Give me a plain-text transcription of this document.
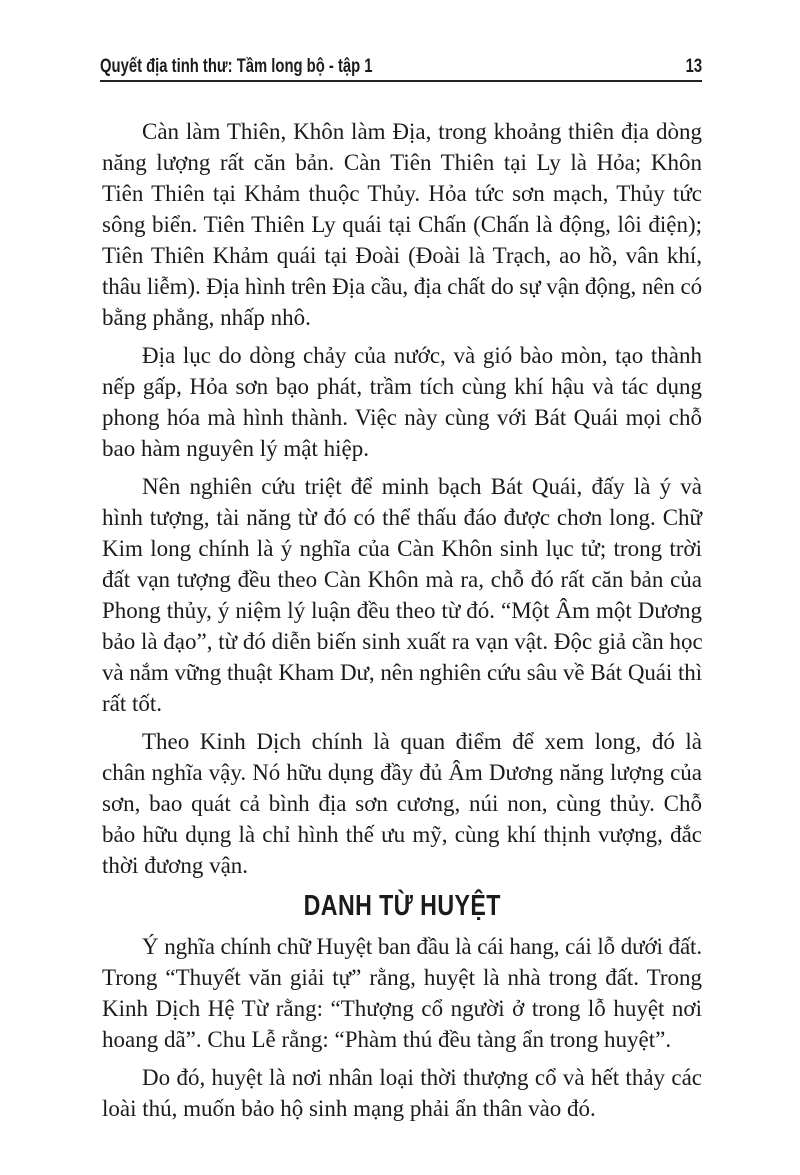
Quyết địa tinh thư: Tầm long bộ - tập 1	13
Càn làm Thiên, Khôn làm Địa, trong khoảng thiên địa dòng
năng lượng rất căn bản. Càn Tiên Thiên tại Ly là Hỏa; Khôn
Tiên Thiên tại Khảm thuộc Thủy. Hỏa tức sơn mạch, Thủy tức
sông biển. Tiên Thiên Ly quái tại Chấn (Chấn là động, lôi điện);
Tiên Thiên Khảm quái tại Đoài (Đoài là Trạch, ao hồ, vân khí,
thâu liễm). Địa hình trên Địa cầu, địa chất do sự vận động, nên có
bằng phẳng, nhấp nhô.
Địa lục do dòng chảy của nước, và gió bào mòn, tạo thành
nếp gấp, Hỏa sơn bạo phát, trầm tích cùng khí hậu và tác dụng
phong hóa mà hình thành. Việc này cùng với Bát Quái mọi chỗ
bao hàm nguyên lý mật hiệp.
Nên nghiên cứu triệt để minh bạch Bát Quái, đấy là ý và
hình tượng, tài năng từ đó có thể thấu đáo được chơn long. Chữ
Kim long chính là ý nghĩa của Càn Khôn sinh lục tử; trong trời
đất vạn tượng đều theo Càn Khôn mà ra, chỗ đó rất căn bản của
Phong thủy, ý niệm lý luận đều theo từ đó. “Một Âm một Dương
bảo là đạo”, từ đó diễn biến sinh xuất ra vạn vật. Độc giả cần học
và nắm vững thuật Kham Dư, nên nghiên cứu sâu về Bát Quái thì
rất tốt.
Theo Kinh Dịch chính là quan điểm để xem long, đó là
chân nghĩa vậy. Nó hữu dụng đầy đủ Âm Dương năng lượng của
sơn, bao quát cả bình địa sơn cương, núi non, cùng thủy. Chỗ
bảo hữu dụng là chỉ hình thế ưu mỹ, cùng khí thịnh vượng, đắc
thời đương vận.
DANH TỪ HUYỆT
Ý nghĩa chính chữ Huyệt ban đầu là cái hang, cái lỗ dưới đất.
Trong “Thuyết văn giải tự” rằng, huyệt là nhà trong đất. Trong
Kinh Dịch Hệ Từ rằng: “Thượng cổ người ở trong lỗ huyệt nơi
hoang dã”. Chu Lễ rằng: “Phàm thú đều tàng ẩn trong huyệt”.
Do đó, huyệt là nơi nhân loại thời thượng cổ và hết thảy các
loài thú, muốn bảo hộ sinh mạng phải ẩn thân vào đó.
